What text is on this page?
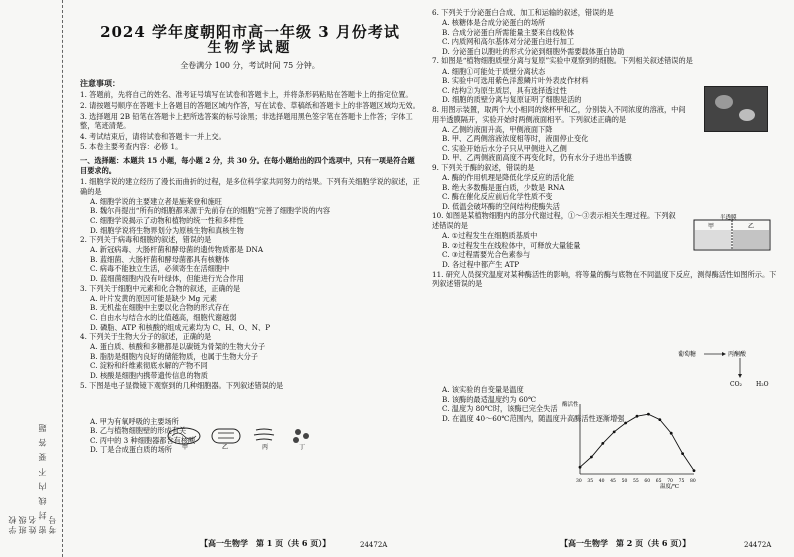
学校 班级 姓名 密 封 线 内 不 要 答 题 考号
2024 学年度朝阳市高一年级 3 月份考试
生物学试题
全卷满分 100 分，考试时间 75 分钟。
注意事项：
1. 答题前，先将自己的姓名、准考证号填写在试卷和答题卡上，并将条形码粘贴在答题卡上的指定位置。
2. 请按题号顺序在答题卡上各题目的答题区域内作答，写在试卷、草稿纸和答题卡上的非答题区域均无效。
3. 选择题用 2B 铅笔在答题卡上把所选答案的标号涂黑；非选择题用黑色签字笔在答题卡上作答；字体工整，笔迹清楚。
4. 考试结束后，请将试卷和答题卡一并上交。
5. 本卷主要考查内容：必修 1。
一、选择题：本题共 15 小题，每小题 2 分，共 30 分。在每小题给出的四个选项中，只有一项是符合题目要求的。
1. 细胞学说的建立经历了漫长而曲折的过程，是多位科学家共同努力的结果。下列有关细胞学说的叙述，正确的是
A. 细胞学说的主要建立者是施莱登和施旺
B. 魏尔肖提出“所有的细胞都来源于先前存在的细胞”完善了细胞学说的内容
C. 细胞学说揭示了动物和植物的统一性和多样性
D. 细胞学说将生物界划分为原核生物和真核生物
2. 下列关于病毒和细胞的叙述，错误的是
A. 新冠病毒、大肠杆菌和酵母菌的遗传物质都是 DNA
B. 蓝细菌、大肠杆菌和酵母菌都具有核糖体
C. 病毒不能独立生活，必须寄生在活细胞中
D. 蓝细菌细胞内没有叶绿体，但能进行光合作用
3. 下列关于细胞中元素和化合物的叙述，正确的是
A. 叶片发黄的原因可能是缺少 Mg 元素
B. 无机盐在细胞中主要以化合物的形式存在
C. 自由水与结合水的比值越高，细胞代谢越弱
D. 磷脂、ATP 和核酸的组成元素均为 C、H、O、N、P
4. 下列关于生物大分子的叙述，正确的是
A. 蛋白质、核酸和多糖都是以碳链为骨架的生物大分子
B. 脂肪是细胞内良好的储能物质，也属于生物大分子
C. 淀粉和纤维素彻底水解的产物不同
D. 核酸是细胞内携带遗传信息的物质
5. 下图是电子显微镜下观察到的几种细胞器。下列叙述错误的是
A. 甲为有氧呼吸的主要场所
B. 乙与植物细胞壁的形成有关
C. 丙中的 3 种细胞器都含有核酸
D. 丁是合成蛋白质的场所	甲	乙	丙	丁
6. 下列关于分泌蛋白合成、加工和运输的叙述，错误的是
A. 核糖体是合成分泌蛋白的场所
B. 合成分泌蛋白所需能量主要来自线粒体
C. 内质网和高尔基体对分泌蛋白进行加工
D. 分泌蛋白以胞吐的形式分泌到细胞外需要载体蛋白协助
7. 如图是“植物细胞质壁分离与复原”实验中观察到的细胞。下列相关叙述错误的是
A. 细胞①可能处于质壁分离状态
B. 实验中可选用紫色洋葱鳞片叶外表皮作材料
C. 结构②为原生质层，具有选择透过性
D. 细胞的质壁分离与复原证明了细胞是活的
8. 用图示装置，取两个大小相同的烧杯甲和乙，分别装入不同浓度的溶液，中间用半透膜隔开，实验开始时两侧液面相平。下列叙述正确的是
A. 乙侧的液面升高，甲侧液面下降
B. 甲、乙两侧溶液浓度相等时，液面停止变化
C. 实验开始后水分子只从甲侧进入乙侧
D. 甲、乙两侧液面高度不再变化时，仍有水分子进出半透膜
9. 下列关于酶的叙述，错误的是
A. 酶的作用机理是降低化学反应的活化能
B. 绝大多数酶是蛋白质，少数是 RNA
C. 酶在催化反应前后化学性质不变
D. 低温会破坏酶的空间结构使酶失活
10. 如图是某植物细胞内的部分代谢过程，①～③表示相关生理过程。下列叙述错误的是
A. ①过程发生在细胞质基质中
B. ②过程发生在线粒体中，可释放大量能量
C. ③过程需要光合色素参与
D. 各过程中都产生 ATP
11. 研究人员探究温度对某种酶活性的影响，将等量的酶与底物在不同温度下反应，测得酶活性如图所示。下列叙述错误的是
A. 该实验的自变量是温度
B. 该酶的最适温度约为 60℃
C. 温度为 80℃时，该酶已完全失活
D. 在温度 40～60℃范围内，随温度升高酶活性逐渐增强
甲	乙
半透膜
葡萄糖	丙酮酸
CO₂ H₂O
酶活性
温度/℃
30 35 40 45 50 55 60 65 70 75 80
【高一生物学　第 1 页（共 6 页）】	24472A	【高一生物学　第 2 页（共 6 页）】	24472A
